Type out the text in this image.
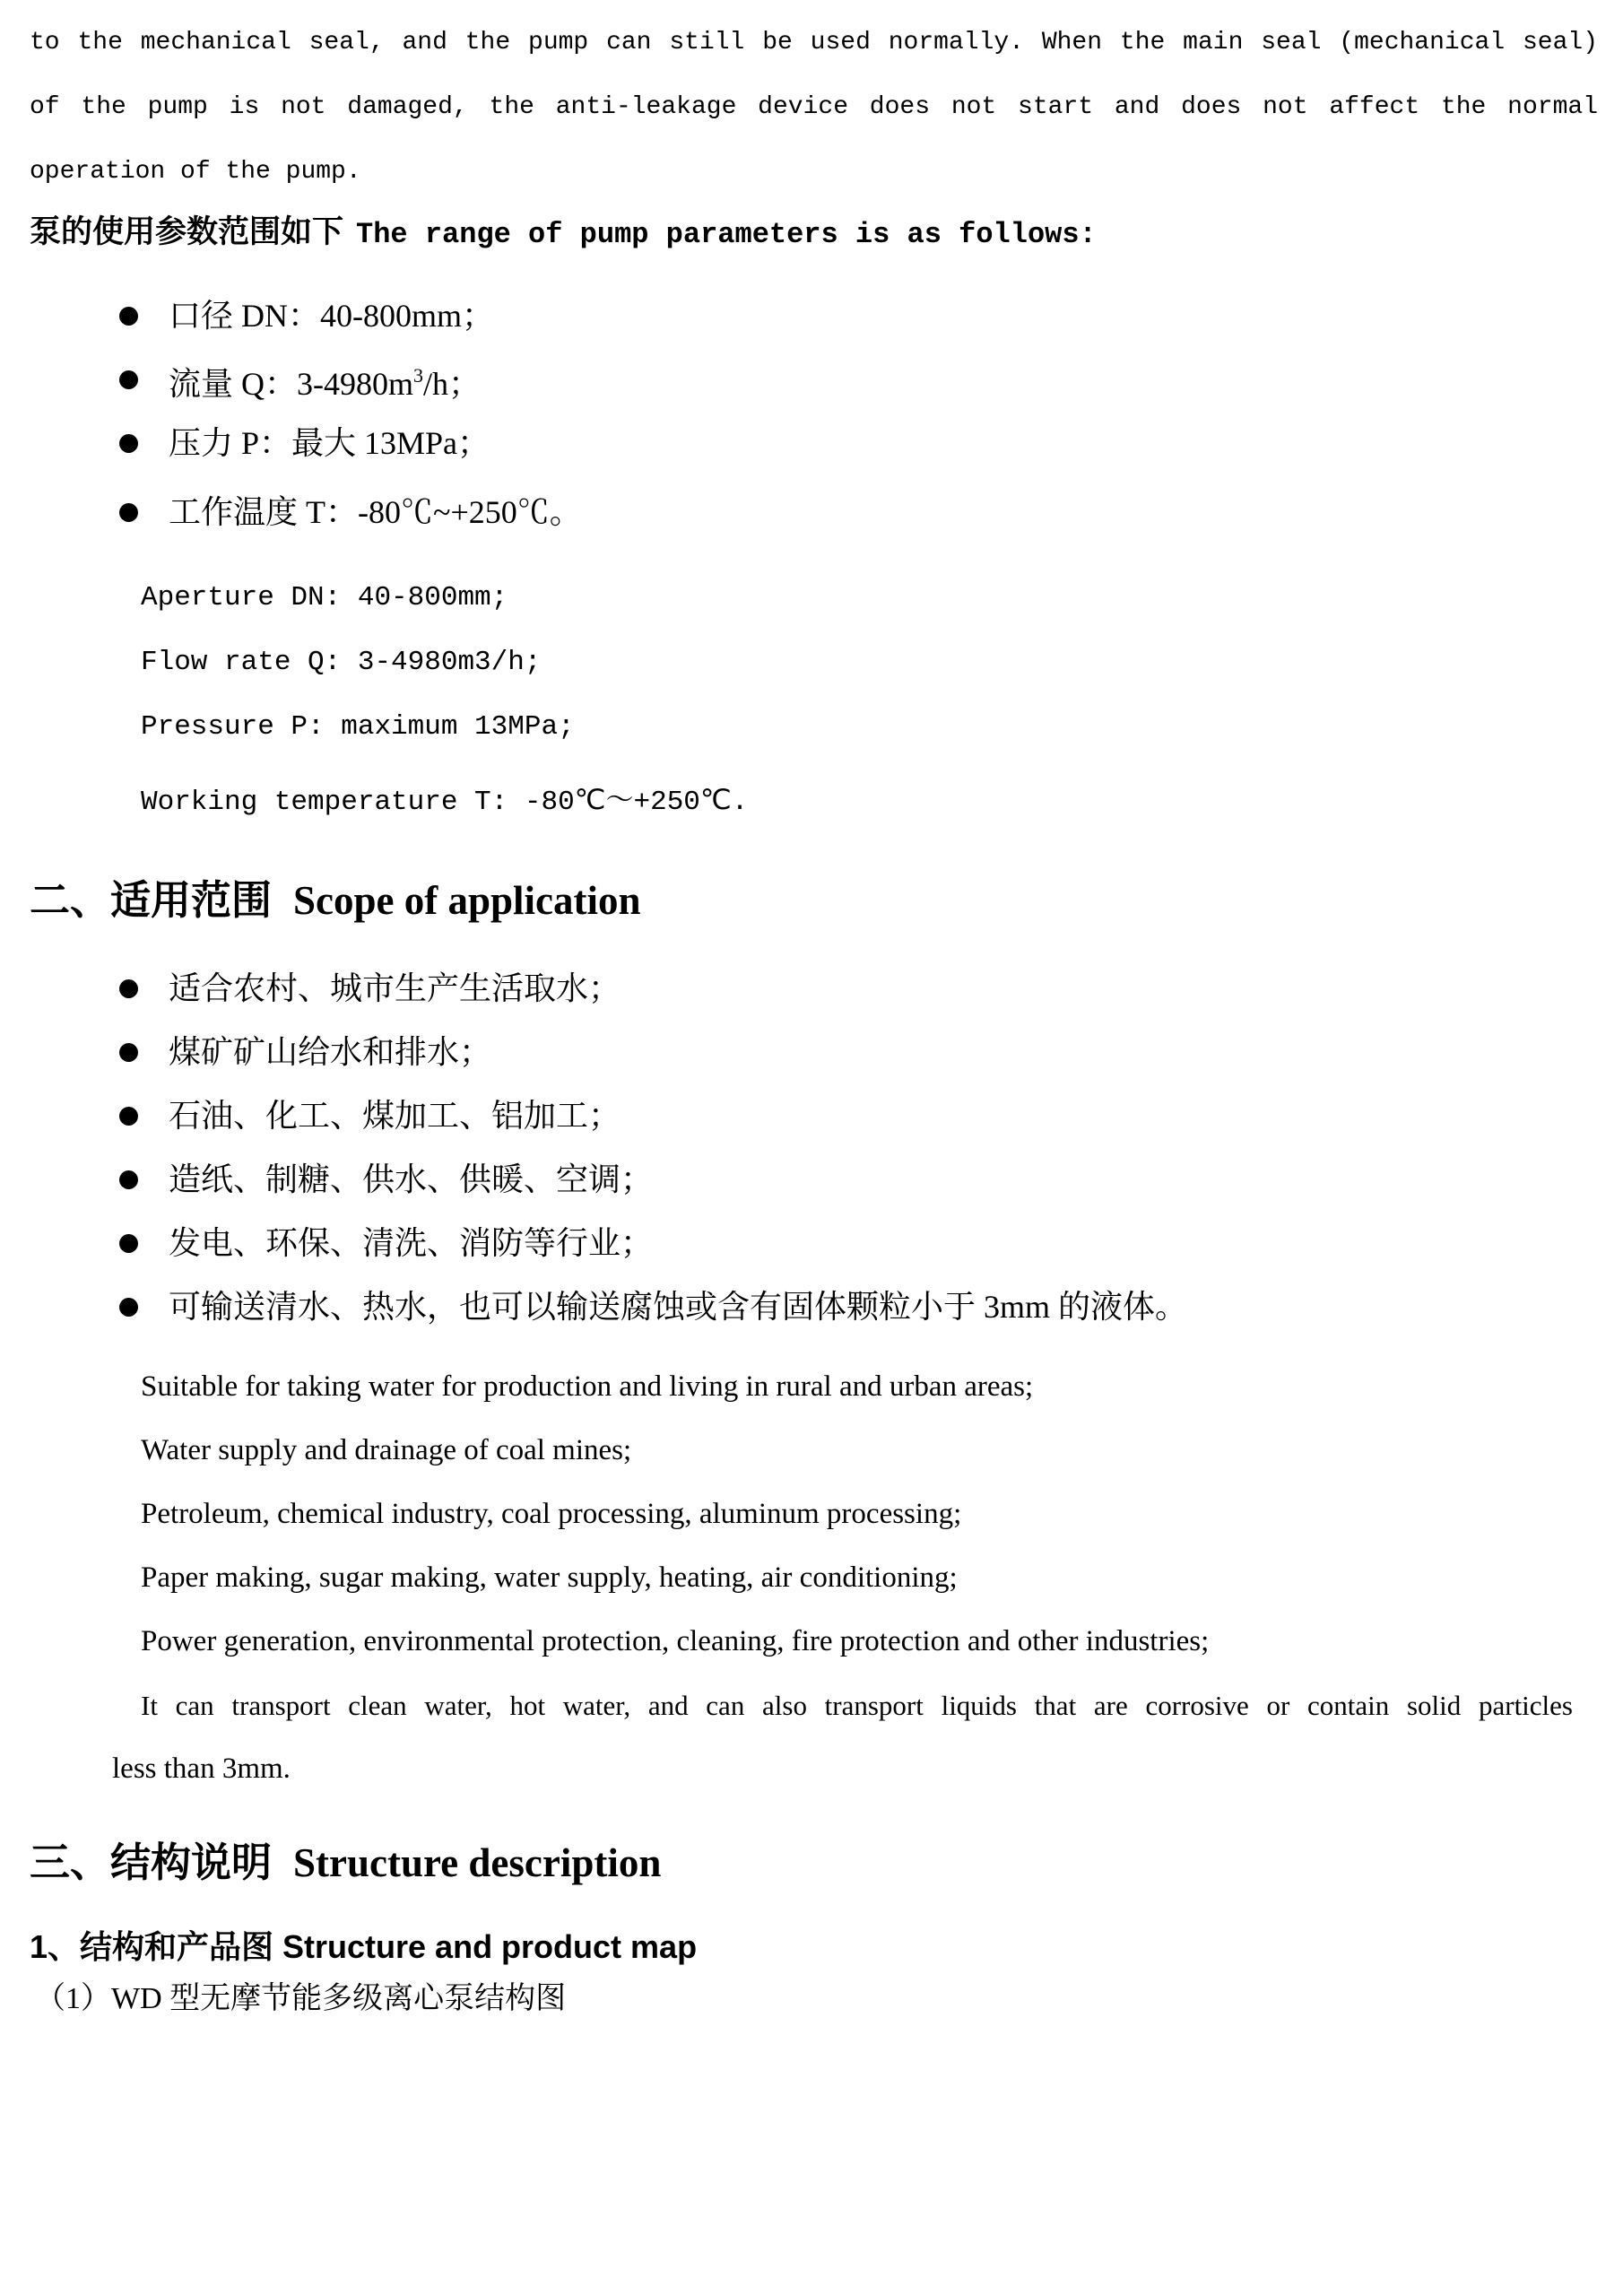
to the mechanical seal, and the pump can still be used normally. When the main seal (mechanical seal)

of the pump is not damaged, the anti-leakage device does not start and does not affect the normal

operation of the pump.

泵的使用参数范围如下 The range of pump parameters is as follows:
口径 DN：40-800mm；
流量 Q：$3-4980m^3/h$；
压力 P：最大 13MPa；
工作温度 T：-80℃~+250℃。

Aperture DN: 40-800mm;

Flow rate Q: 3-4980m3/h;

Pressure P: maximum 13MPa;

Working temperature T: -80℃～+250℃.

二、适用范围 Scope of application
适合农村、城市生产生活取水；
煤矿矿山给水和排水；
石油、化工、煤加工、铝加工；
造纸、制糖、供水、供暖、空调；
发电、环保、清洗、消防等行业；
可输送清水、热水，也可以输送腐蚀或含有固体颗粒小于 3mm 的液体。

Suitable for taking water for production and living in rural and urban areas;

Water supply and drainage of coal mines;

Petroleum, chemical industry, coal processing, aluminum processing;

Paper making, sugar making, water supply, heating, air conditioning;

Power generation, environmental protection, cleaning, fire protection and other industries;

It can transport clean water, hot water, and can also transport liquids that are corrosive or contain solid particles

less than 3mm.

三、结构说明 Structure description
1、结构和产品图 Structure and product map
（1）WD 型无摩节能多级离心泵结构图
